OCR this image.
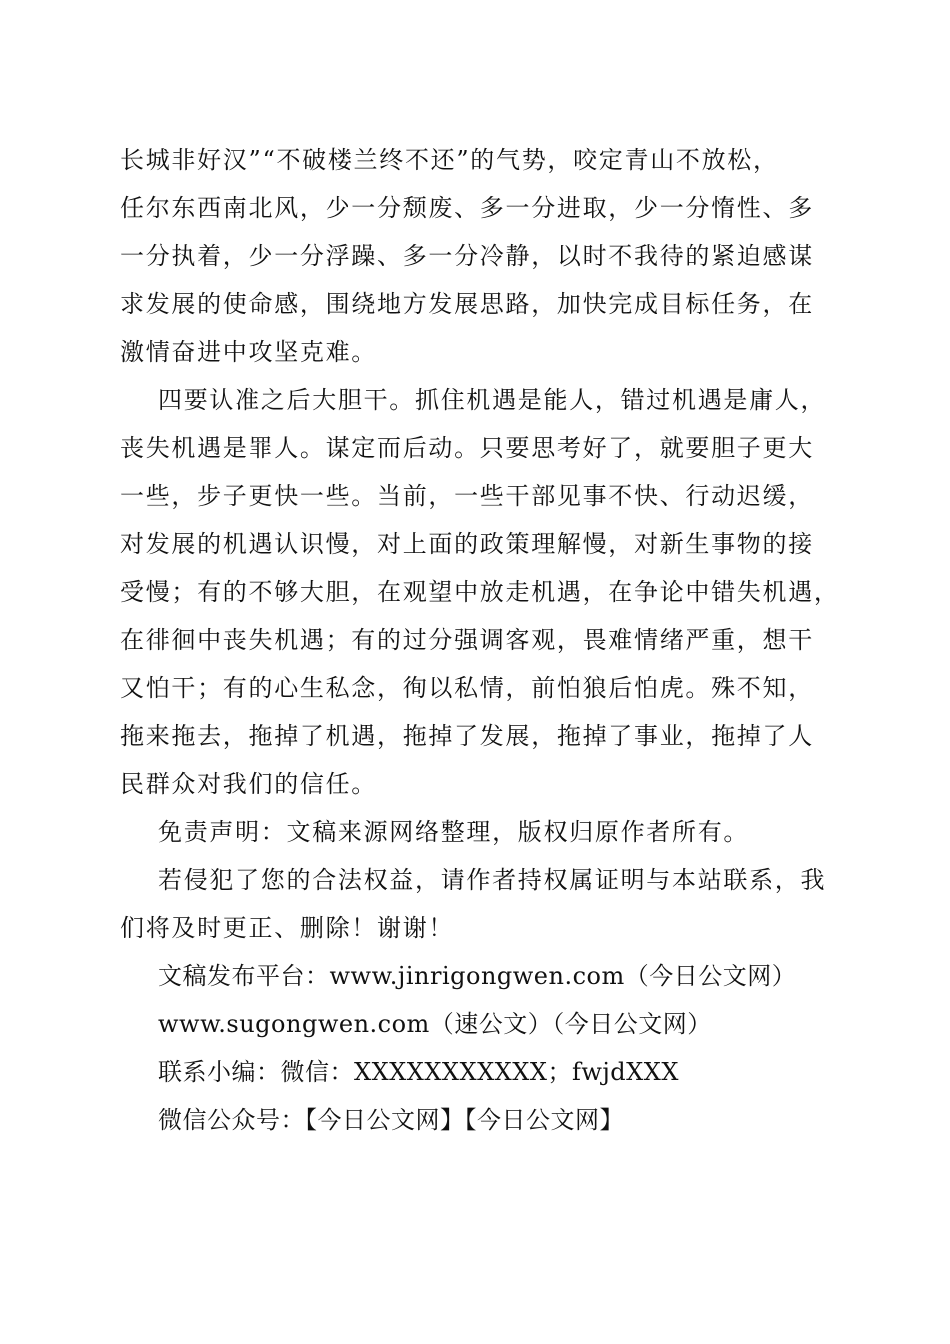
长城非好汉”“不破楼兰终不还”的气势，咬定青山不放松，
任尔东西南北风，少一分颓废、多一分进取，少一分惰性、多
一分执着，少一分浮躁、多一分冷静，以时不我待的紧迫感谋
求发展的使命感，围绕地方发展思路，加快完成目标任务，在
激情奋进中攻坚克难。
四要认准之后大胆干。抓住机遇是能人，错过机遇是庸人，
丧失机遇是罪人。谋定而后动。只要思考好了，就要胆子更大
一些，步子更快一些。当前，一些干部见事不快、行动迟缓，
对发展的机遇认识慢，对上面的政策理解慢，对新生事物的接
受慢；有的不够大胆，在观望中放走机遇，在争论中错失机遇，
在徘徊中丧失机遇；有的过分强调客观，畏难情绪严重，想干
又怕干；有的心生私念，徇以私情，前怕狼后怕虎。殊不知，
拖来拖去，拖掉了机遇，拖掉了发展，拖掉了事业，拖掉了人
民群众对我们的信任。
免责声明：文稿来源网络整理，版权归原作者所有。
若侵犯了您的合法权益，请作者持权属证明与本站联系，我
们将及时更正、删除！谢谢！
文稿发布平台：www.jinrigongwen.com（今日公文网）
www.sugongwen.com（速公文）（今日公文网）
联系小编：微信：XXXXXXXXXXX；fwjdXXX
微信公众号：【今日公文网】【今日公文网】
